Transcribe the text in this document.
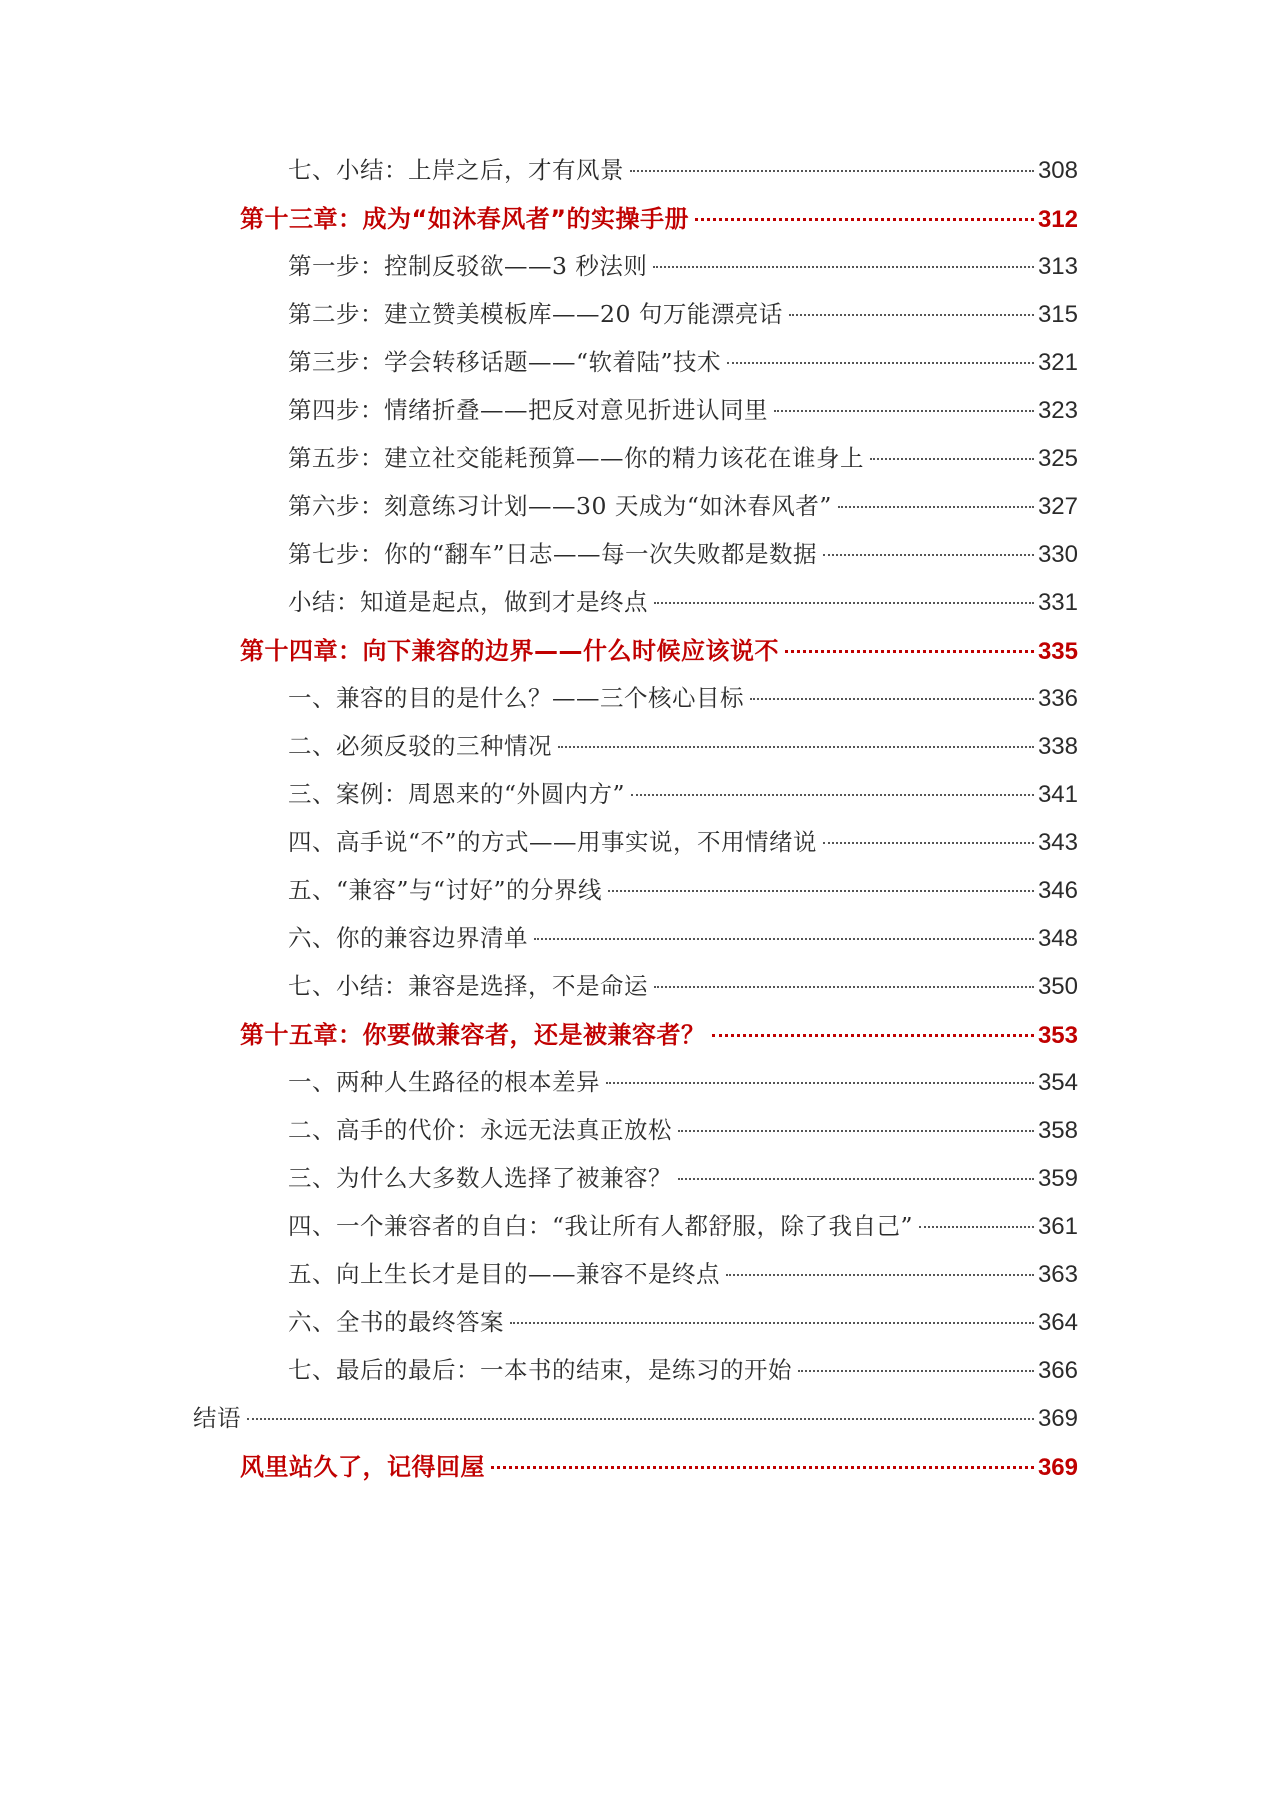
七、小结：上岸之后，才有风景	308
第十三章：成为“如沐春风者”的实操手册	312
第一步：控制反驳欲——3 秒法则	313
第二步：建立赞美模板库——20 句万能漂亮话	315
第三步：学会转移话题——“软着陆”技术	321
第四步：情绪折叠——把反对意见折进认同里	323
第五步：建立社交能耗预算——你的精力该花在谁身上	325
第六步：刻意练习计划——30 天成为“如沐春风者”	327
第七步：你的“翻车”日志——每一次失败都是数据	330
小结：知道是起点，做到才是终点	331
第十四章：向下兼容的边界——什么时候应该说不	335
一、兼容的目的是什么？——三个核心目标	336
二、必须反驳的三种情况	338
三、案例：周恩来的“外圆内方”	341
四、高手说“不”的方式——用事实说，不用情绪说	343
五、“兼容”与“讨好”的分界线	346
六、你的兼容边界清单	348
七、小结：兼容是选择，不是命运	350
第十五章：你要做兼容者，还是被兼容者？	353
一、两种人生路径的根本差异	354
二、高手的代价：永远无法真正放松	358
三、为什么大多数人选择了被兼容？	359
四、一个兼容者的自白：“我让所有人都舒服，除了我自己”	361
五、向上生长才是目的——兼容不是终点	363
六、全书的最终答案	364
七、最后的最后：一本书的结束，是练习的开始	366
结语	369
风里站久了，记得回屋	369
